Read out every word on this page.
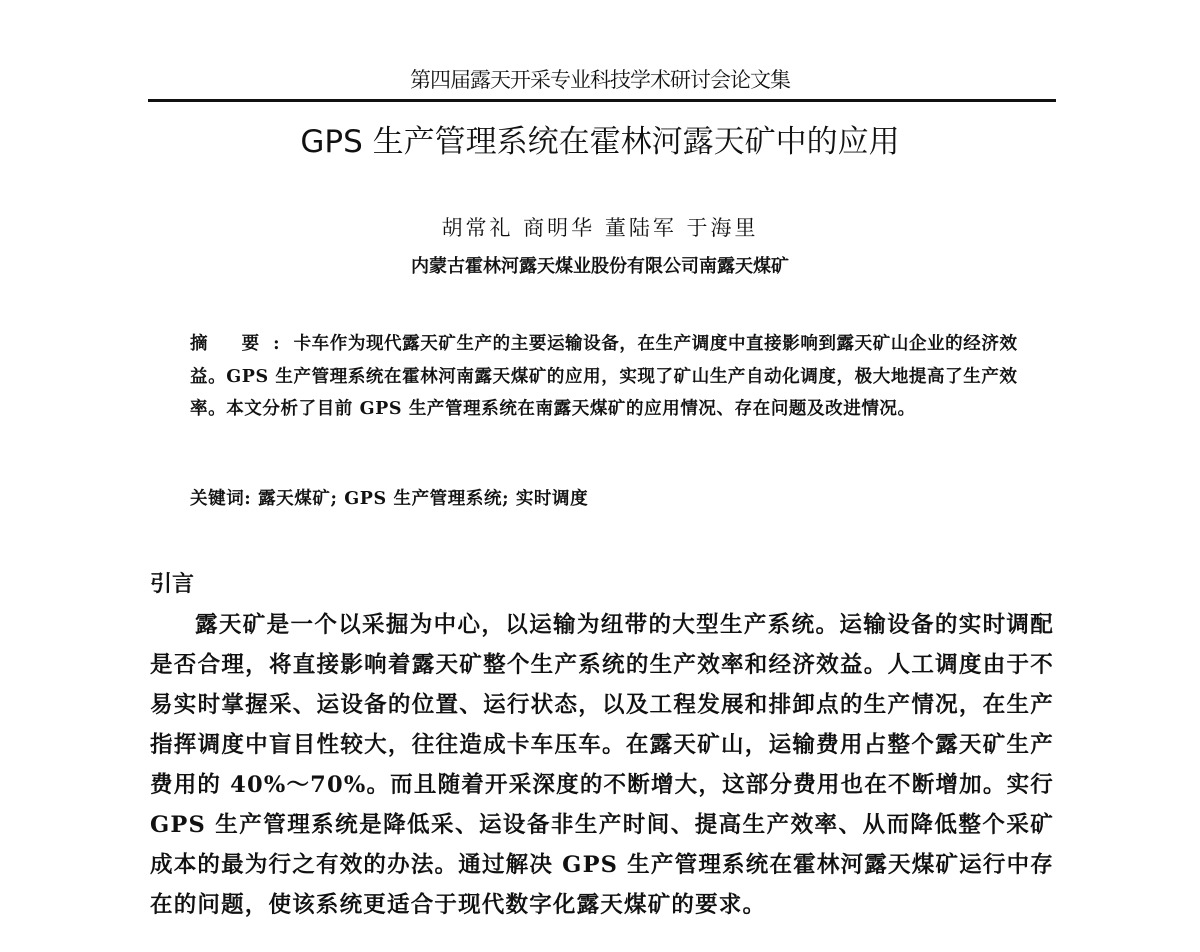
第四届露天开采专业科技学术研讨会论文集
GPS 生产管理系统在霍林河露天矿中的应用
胡常礼 商明华 董陆军 于海里
内蒙古霍林河露天煤业股份有限公司南露天煤矿

摘 要:卡车作为现代露天矿生产的主要运输设备，在生产调度中直接影响到露天矿山企业的经济效益。GPS 生产管理系统在霍林河南露天煤矿的应用，实现了矿山生产自动化调度，极大地提高了生产效率。本文分析了目前 GPS 生产管理系统在南露天煤矿的应用情况、存在问题及改进情况。

关键词: 露天煤矿; GPS 生产管理系统; 实时调度
引言

露天矿是一个以采掘为中心，以运输为纽带的大型生产系统。运输设备的实时调配是否合理，将直接影响着露天矿整个生产系统的生产效率和经济效益。人工调度由于不易实时掌握采、运设备的位置、运行状态，以及工程发展和排卸点的生产情况，在生产指挥调度中盲目性较大，往往造成卡车压车。在露天矿山，运输费用占整个露天矿生产费用的 40%～70%。而且随着开采深度的不断增大，这部分费用也在不断增加。实行 GPS 生产管理系统是降低采、运设备非生产时间、提高生产效率、从而降低整个采矿成本的最为行之有效的办法。通过解决 GPS 生产管理系统在霍林河露天煤矿运行中存在的问题，使该系统更适合于现代数字化露天煤矿的要求。
